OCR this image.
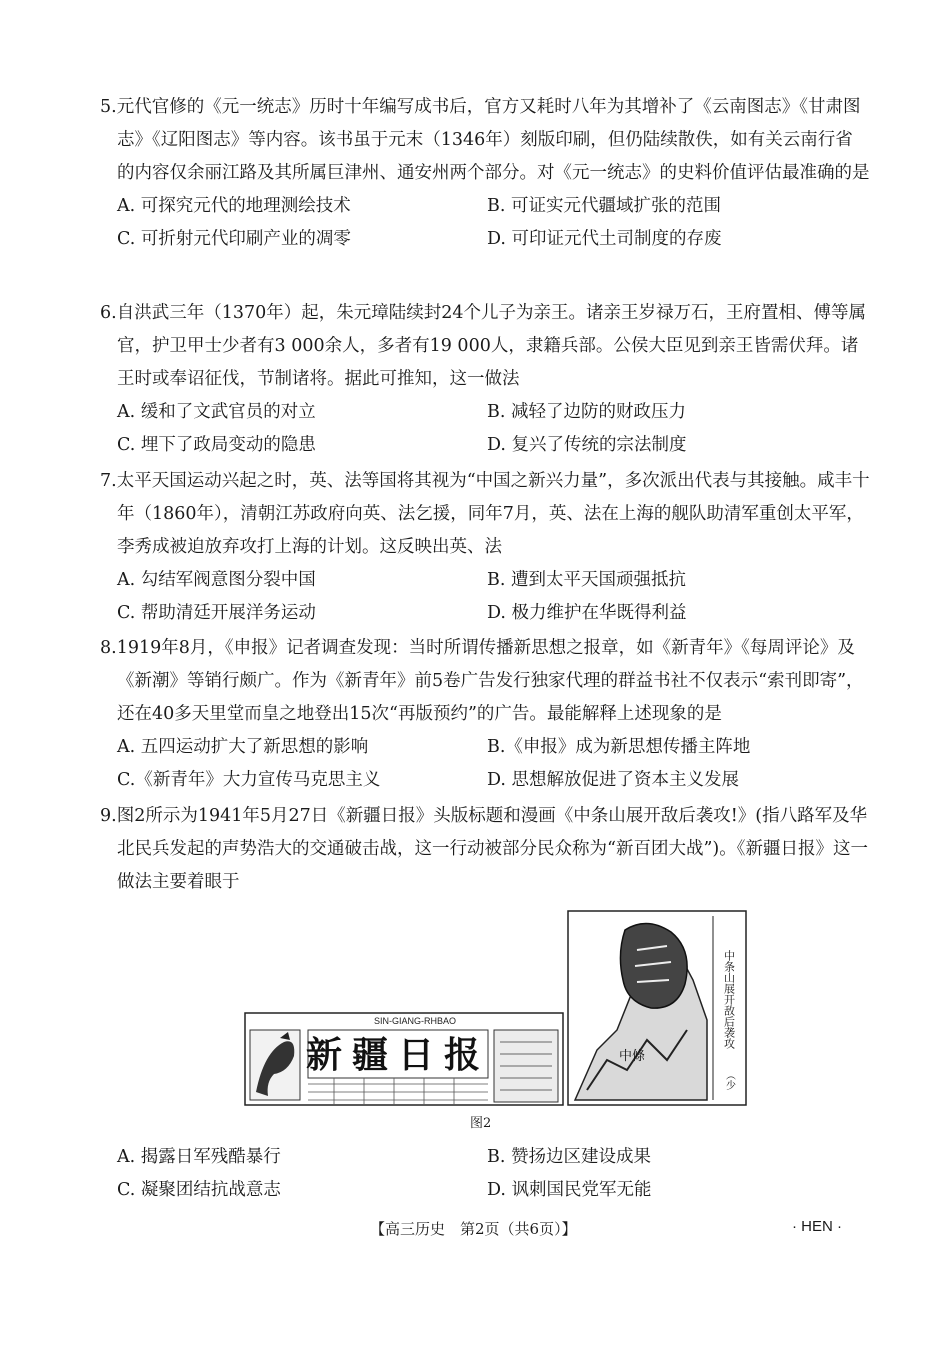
5.元代官修的《元一统志》历时十年编写成书后，官方又耗时八年为其增补了《云南图志》《甘肃图志》《辽阳图志》等内容。该书虽于元末（1346年）刻版印刷，但仍陆续散佚，如有关云南行省的内容仅余丽江路及其所属巨津州、通安州两个部分。对《元一统志》的史料价值评估最准确的是

A. 可探究元代的地理测绘技术	B. 可证实元代疆域扩张的范围
C. 可折射元代印刷产业的凋零	D. 可印证元代土司制度的存废

6.自洪武三年（1370年）起，朱元璋陆续封24个儿子为亲王。诸亲王岁禄万石，王府置相、傅等属官，护卫甲士少者有3 000余人，多者有19 000人，隶籍兵部。公侯大臣见到亲王皆需伏拜。诸王时或奉诏征伐，节制诸将。据此可推知，这一做法

A. 缓和了文武官员的对立	B. 减轻了边防的财政压力
C. 埋下了政局变动的隐患	D. 复兴了传统的宗法制度

7.太平天国运动兴起之时，英、法等国将其视为“中国之新兴力量”，多次派出代表与其接触。咸丰十年（1860年），清朝江苏政府向英、法乞援，同年7月，英、法在上海的舰队助清军重创太平军，李秀成被迫放弃攻打上海的计划。这反映出英、法

A. 勾结军阀意图分裂中国	B. 遭到太平天国顽强抵抗
C. 帮助清廷开展洋务运动	D. 极力维护在华既得利益

8.1919年8月，《申报》记者调查发现：当时所谓传播新思想之报章，如《新青年》《每周评论》及《新潮》等销行颇广。作为《新青年》前5卷广告发行独家代理的群益书社不仅表示“索刊即寄”，还在40多天里堂而皇之地登出15次“再版预约”的广告。最能解释上述现象的是

A. 五四运动扩大了新思想的影响	B.《申报》成为新思想传播主阵地
C.《新青年》大力宣传马克思主义	D. 思想解放促进了资本主义发展

9.图2所示为1941年5月27日《新疆日报》头版标题和漫画《中条山展开敌后袭攻!》(指八路军及华北民兵发起的声势浩大的交通破击战，这一行动被部分民众称为“新百团大战”)。《新疆日报》这一做法主要着眼于

SIN-GIANG-RHBAO
新疆日报	中條
中条山展开敌后袭攻
（少
图2
A. 揭露日军残酷暴行	B. 赞扬边区建设成果
C. 凝聚团结抗战意志	D. 讽刺国民党军无能
【高三历史　第2页（共6页）】	· HEN ·
